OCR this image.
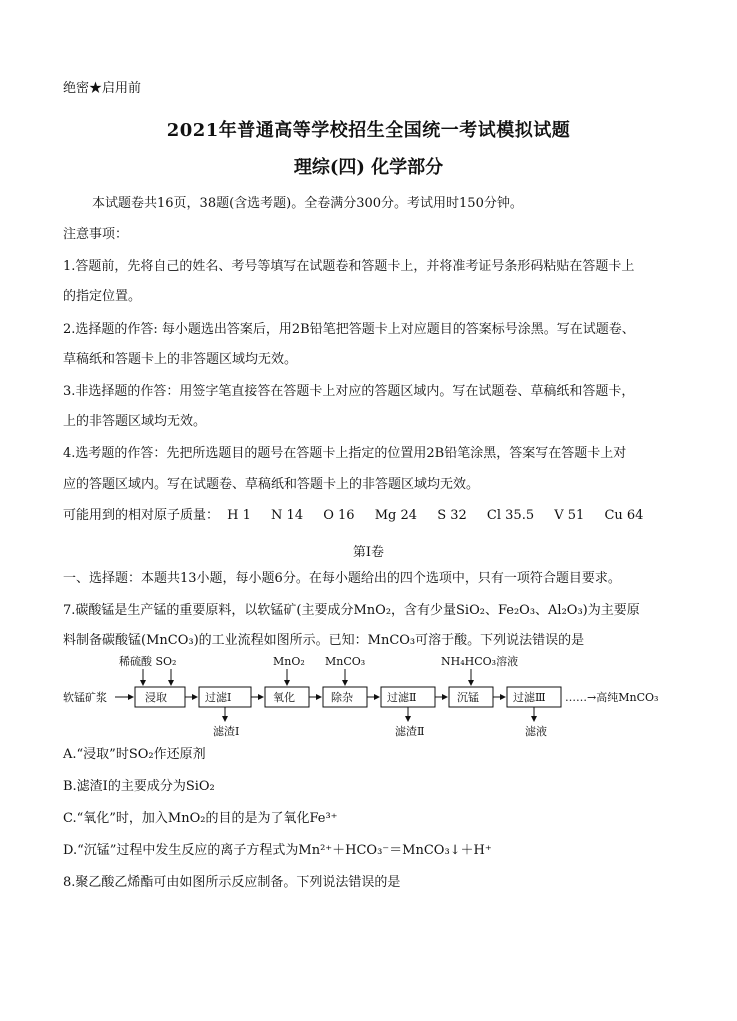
绝密★启用前
2021年普通高等学校招生全国统一考试模拟试题
理综(四) 化学部分
本试题卷共16页，38题(含选考题)。全卷满分300分。考试用时150分钟。
注意事项：
1.答题前，先将自己的姓名、考号等填写在试题卷和答题卡上，并将准考证号条形码粘贴在答题卡上
的指定位置。
2.选择题的作答: 每小题选出答案后，用2B铅笔把答题卡上对应题目的答案标号涂黑。写在试题卷、
草稿纸和答题卡上的非答题区域均无效。
3.非选择题的作答：用签字笔直接答在答题卡上对应的答题区域内。写在试题卷、草稿纸和答题卡，
上的非答题区域均无效。
4.选考题的作答：先把所选题目的题号在答题卡上指定的位置用2B铅笔涂黑，答案写在答题卡上对
应的答题区域内。写在试题卷、草稿纸和答题卡上的非答题区域均无效。
可能用到的相对原子质量： H 1 N 14 O 16 Mg 24 S 32 Cl 35.5 V 51 Cu 64
第Ⅰ卷
一、选择题：本题共13小题，每小题6分。在每小题给出的四个选项中，只有一项符合题目要求。
7.碳酸锰是生产锰的重要原料，以软锰矿(主要成分MnO₂，含有少量SiO₂、Fe₂O₃、Al₂O₃)为主要原
料制备碳酸锰(MnCO₃)的工业流程如图所示。已知：MnCO₃可溶于酸。下列说法错误的是
软锰矿浆	浸取	过滤Ⅰ	氧化	除杂	过滤Ⅱ	沉锰	过滤Ⅲ ……→高纯MnCO₃
稀硫酸 SO₂	MnO₂ MnCO₃	NH₄HCO₃溶液
滤渣Ⅰ	滤渣Ⅱ	滤液
A.“浸取”时SO₂作还原剂
B.滤渣Ⅰ的主要成分为SiO₂
C.“氧化”时，加入MnO₂的目的是为了氧化Fe³⁺
D.“沉锰”过程中发生反应的离子方程式为Mn²⁺＋HCO₃⁻＝MnCO₃↓＋H⁺
8.聚乙酸乙烯酯可由如图所示反应制备。下列说法错误的是
